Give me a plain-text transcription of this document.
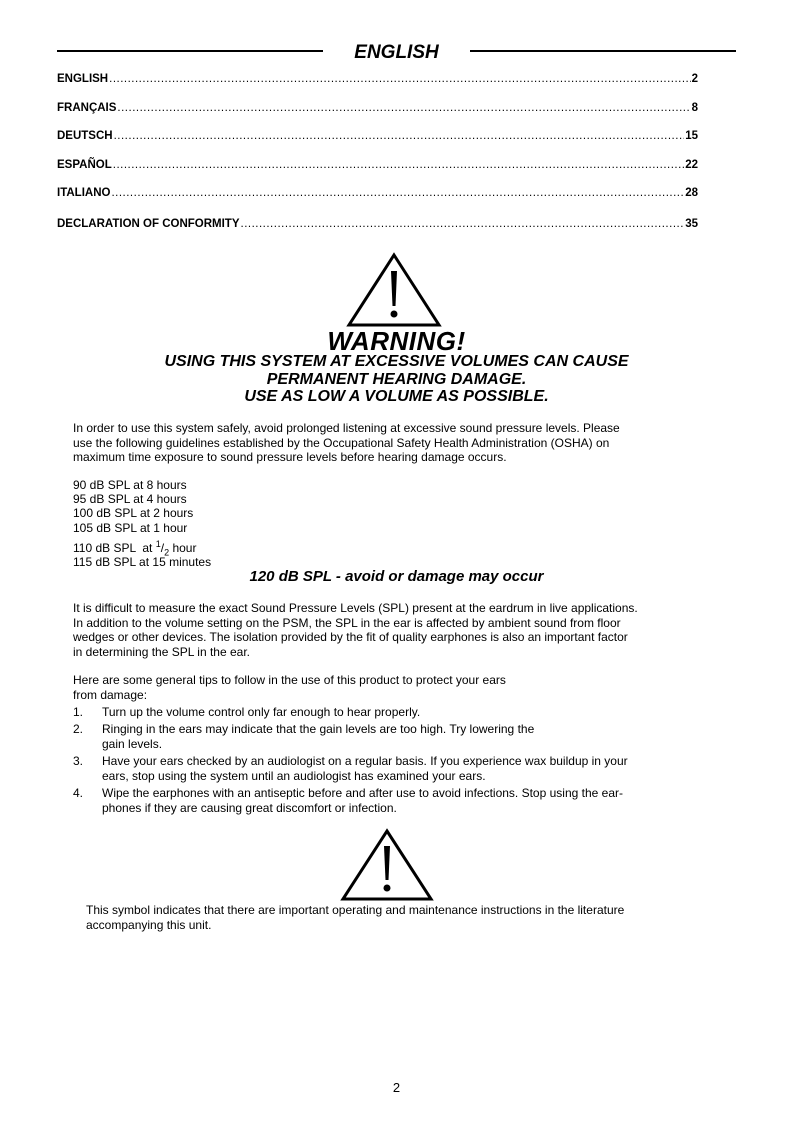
ENGLISH
ENGLISH .....	2
FRANÇAIS .....	8
DEUTSCH .....	15
ESPAÑOL .....	22
ITALIANO .....	28
DECLARATION OF CONFORMITY .....	35
WARNING!
USING THIS SYSTEM AT EXCESSIVE VOLUMES CAN CAUSE
PERMANENT HEARING DAMAGE.
USE AS LOW A VOLUME AS POSSIBLE.
In order to use this system safely, avoid prolonged listening at excessive sound pressure levels. Please
use the following guidelines established by the Occupational Safety Health Administration (OSHA) on
maximum time exposure to sound pressure levels before hearing damage occurs.
90 dB SPL at 8 hours
95 dB SPL at 4 hours
100 dB SPL at 2 hours
105 dB SPL at 1 hour
110 dB SPL  at $^1/_2$ hour
115 dB SPL at 15 minutes
120 dB SPL - avoid or damage may occur
It is difficult to measure the exact Sound Pressure Levels (SPL) present at the eardrum in live applications.
In addition to the volume setting on the PSM, the SPL in the ear is affected by ambient sound from floor
wedges or other devices. The isolation provided by the fit of quality earphones is also an important factor
in determining the SPL in the ear.
Here are some general tips to follow in the use of this product to protect your ears
from damage:
1. Turn up the volume control only far enough to hear properly.
2. Ringing in the ears may indicate that the gain levels are too high. Try lowering the
gain levels.
3. Have your ears checked by an audiologist on a regular basis. If you experience wax buildup in your
ears, stop using the system until an audiologist has examined your ears.
4. Wipe the earphones with an antiseptic before and after use to avoid infections. Stop using the ear-
phones if they are causing great discomfort or infection.
This symbol indicates that there are important operating and maintenance instructions in the literature
accompanying this unit.
2
